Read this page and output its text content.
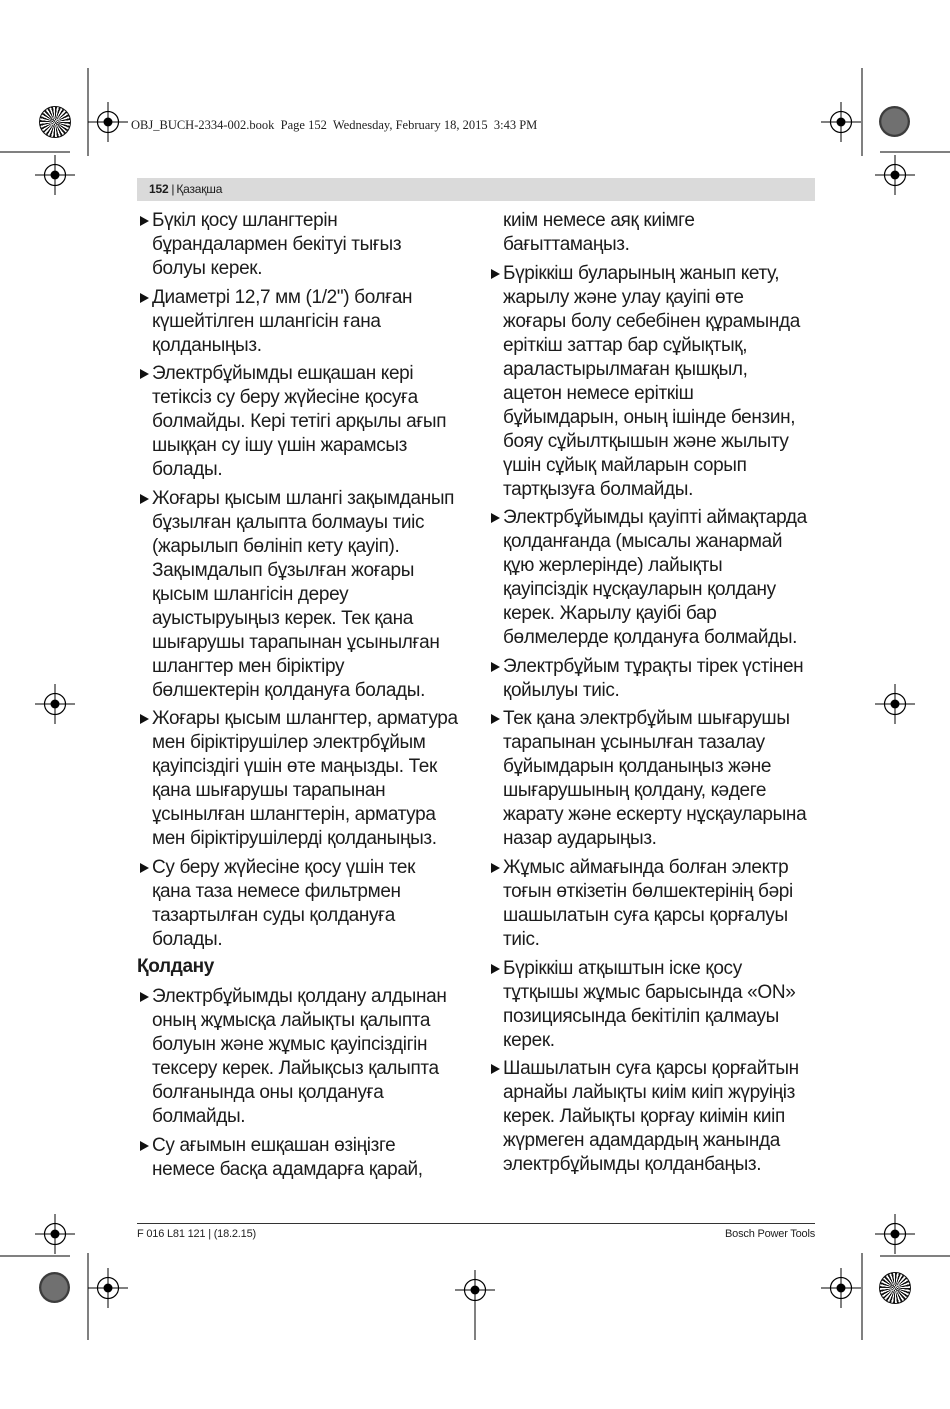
OBJ_BUCH-2334-002.book  Page 152  Wednesday, February 18, 2015  3:43 PM
152 | Қазақша
Бүкіл қосу шлангтерін
бұрандалармен бекітуі тығыз
болуы керек.
Диаметрі 12,7 мм (1/2") болған
күшейтілген шлангісін ғана
қолданыңыз.
Электрбұйымды ешқашан кері
тетіксіз су беру жүйесіне қосуға
болмайды. Кері тетігі арқылы ағып
шыққан су ішу үшін жарамсыз
болады.
Жоғары қысым шлангі зақымданып
бұзылған қалыпта болмауы тиіс
(жарылып бөлініп кету қауіп).
Зақымдалып бұзылған жоғары
қысым шлангісін дереу
ауыстыруыңыз керек. Тек қана
шығарушы тарапынан ұсынылған
шлангтер мен біріктіру
бөлшектерін қолдануға болады.
Жоғары қысым шлангтер, арматура
мен біріктірушілер электрбұйым
қауіпсіздігі үшін өте маңызды. Тек
қана шығарушы тарапынан
ұсынылған шлангтерін, арматура
мен біріктірушілерді қолданыңыз.
Су беру жүйесіне қосу үшін тек
қана таза немесе фильтрмен
тазартылған суды қолдануға
болады.
Қолдану
Электрбұйымды қолдану алдынан
оның жұмысқа лайықты қалыпта
болуын және жұмыс қауіпсіздігін
тексеру керек. Лайықсыз қалыпта
болғанында оны қолдануға
болмайды.
Су ағымын ешқашан өзіңізге
немесе басқа адамдарға қарай,
киім немесе аяқ киімге
бағыттамаңыз.
Бүріккіш буларының жанып кету,
жарылу және улау қауіпі өте
жоғары болу себебінен құрамында
еріткіш заттар бар сұйықтық,
араластырылмаған қышқыл,
ацетон немесе еріткіш
бұйымдарын, оның ішінде бензин,
бояу сұйылтқышын және жылыту
үшін сұйық майларын сорып
тартқызуға болмайды.
Электрбұйымды қауіпті аймақтарда
қолданғанда (мысалы жанармай
құю жерлерінде) лайықты
қауіпсіздік нұсқауларын қолдану
керек. Жарылу қауібі бар
бөлмелерде қолдануға болмайды.
Электрбұйым тұрақты тірек үстінен
қойылуы тиіс.
Тек қана электрбұйым шығарушы
тарапынан ұсынылған тазалау
бұйымдарын қолданыңыз және
шығарушының қолдану, кәдеге
жарату және ескерту нұсқауларына
назар аударыңыз.
Жұмыс аймағында болған электр
тоғын өткізетін бөлшектерінің бәрі
шашылатын суға қарсы қорғалуы
тиіс.
Бүріккіш атқыштын іске қосу
тұтқышы жұмыс барысында «ON»
позициясында бекітіліп қалмауы
керек.
Шашылатын суға қарсы қорғайтын
арнайы лайықты киім киіп жүруіңіз
керек. Лайықты қорғау киімін киіп
жүрмеген адамдардың жанында
электрбұйымды қолданбаңыз.
F 016 L81 121 | (18.2.15)	Bosch Power Tools
